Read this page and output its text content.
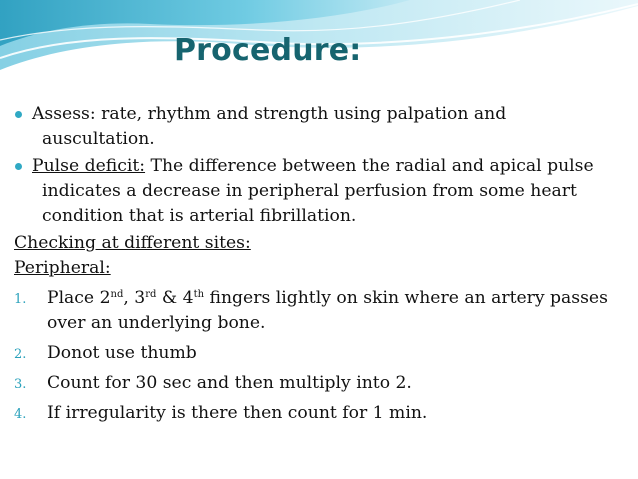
Procedure:
Assess: rate, rhythm and strength using palpation and auscultation.
Pulse deficit: The difference between the radial and apical pulse indicates a decrease in peripheral perfusion from some heart condition that is arterial fibrillation.
Checking at different sites:
Peripheral:
1. Place 2nd, 3rd & 4th fingers lightly on skin where an artery passes over an underlying bone.
2. Donot use thumb
3. Count for 30 sec and then multiply into 2.
4. If irregularity is there then count for 1 min.
